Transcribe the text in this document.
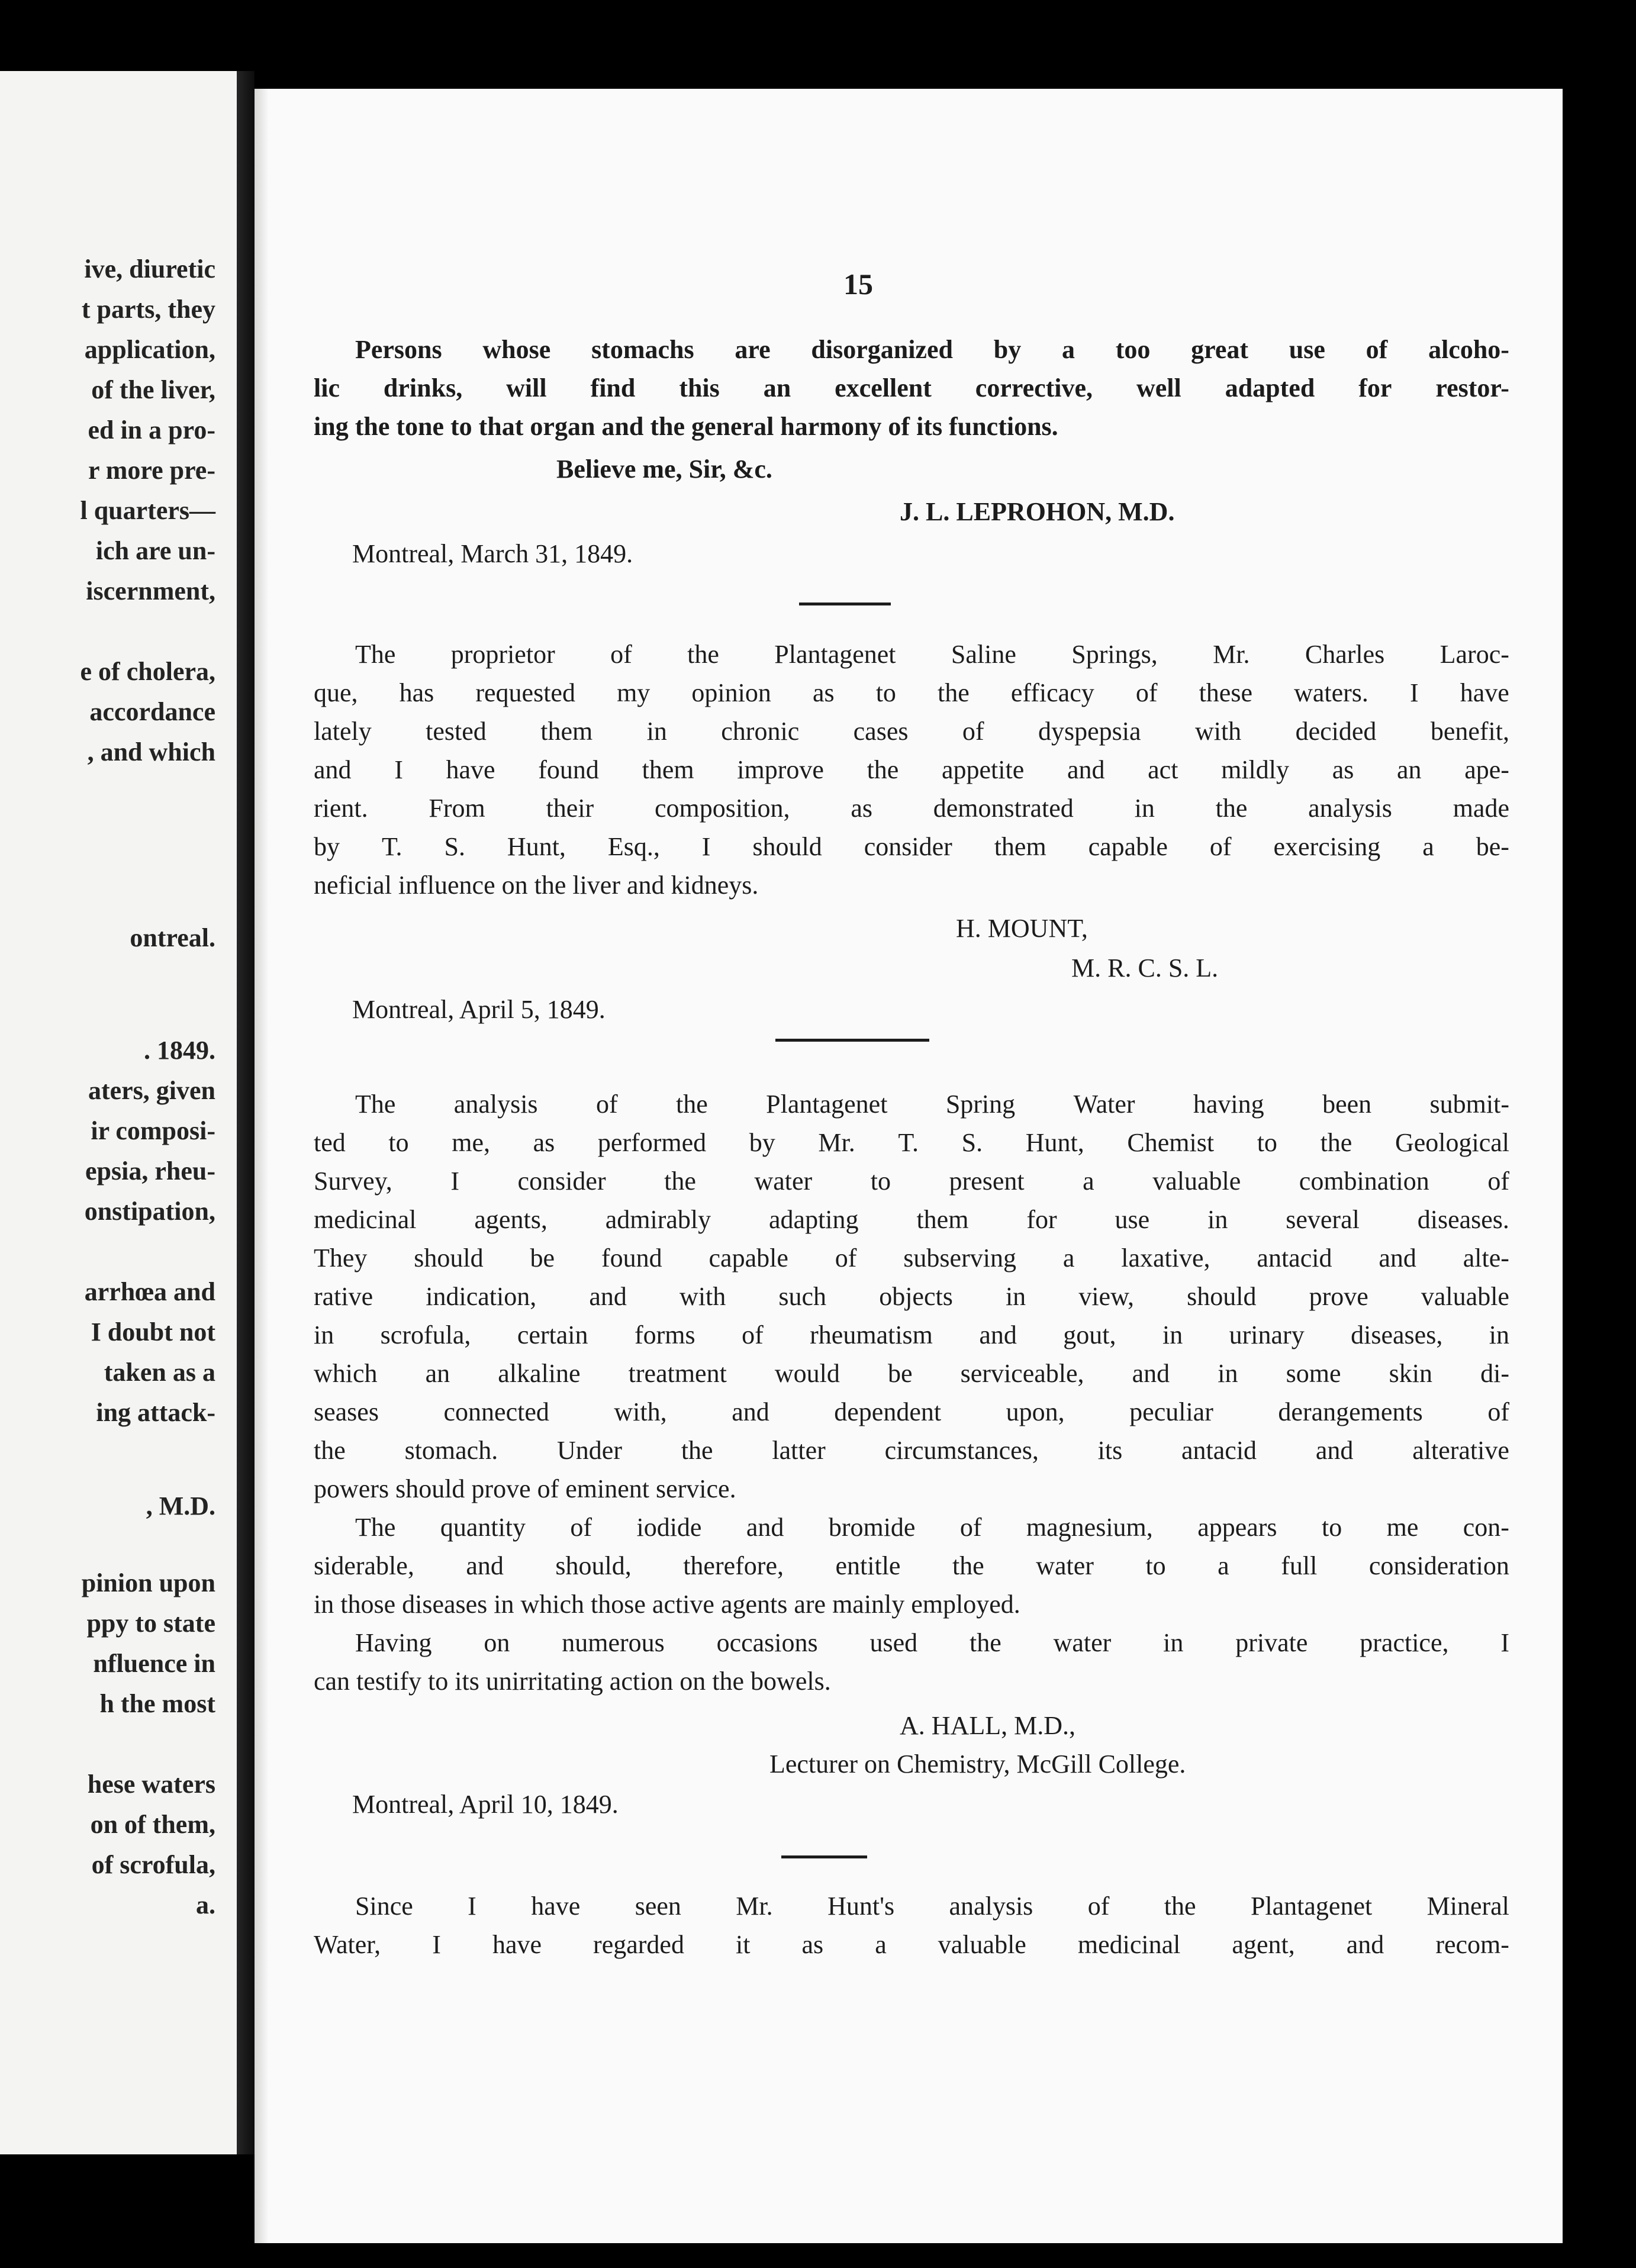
ive, diuretic
t parts, they
application,
of the liver,
ed in a pro-
r more pre-
l quarters—
ich are un-
iscernment,
e of cholera,
accordance
, and which
ontreal.
. 1849.
aters, given
ir composi-
epsia, rheu-
onstipation,
arrhœa and
I doubt not
taken as a
ing attack-
, M.D.
pinion upon
ppy to state
nfluence in
h the most
hese waters
on of them,
of scrofula,
a.
15
Persons whose stomachs are disorganized by a too great use of alcoho-
lic drinks, will find this an excellent corrective, well adapted for restor-
ing the tone to that organ and the general harmony of its functions.
Believe me, Sir, &c.
J. L. LEPROHON, M.D.
Montreal, March 31, 1849.
The proprietor of the Plantagenet Saline Springs, Mr. Charles Laroc-
que, has requested my opinion as to the efficacy of these waters. I have
lately tested them in chronic cases of dyspepsia with decided benefit,
and I have found them improve the appetite and act mildly as an ape-
rient. From their composition, as demonstrated in the analysis made
by T. S. Hunt, Esq., I should consider them capable of exercising a be-
neficial influence on the liver and kidneys.
H. MOUNT,
M. R. C. S. L.
Montreal, April 5, 1849.
The analysis of the Plantagenet Spring Water having been submit-
ted to me, as performed by Mr. T. S. Hunt, Chemist to the Geological
Survey, I consider the water to present a valuable combination of
medicinal agents, admirably adapting them for use in several diseases.
They should be found capable of subserving a laxative, antacid and alte-
rative indication, and with such objects in view, should prove valuable
in scrofula, certain forms of rheumatism and gout, in urinary diseases, in
which an alkaline treatment would be serviceable, and in some skin di-
seases connected with, and dependent upon, peculiar derangements of
the stomach. Under the latter circumstances, its antacid and alterative
powers should prove of eminent service.
The quantity of iodide and bromide of magnesium, appears to me con-
siderable, and should, therefore, entitle the water to a full consideration
in those diseases in which those active agents are mainly employed.
Having on numerous occasions used the water in private practice, I
can testify to its unirritating action on the bowels.
A. HALL, M.D.,
Lecturer on Chemistry, McGill College.
Montreal, April 10, 1849.
Since I have seen Mr. Hunt's analysis of the Plantagenet Mineral
Water, I have regarded it as a valuable medicinal agent, and recom-
